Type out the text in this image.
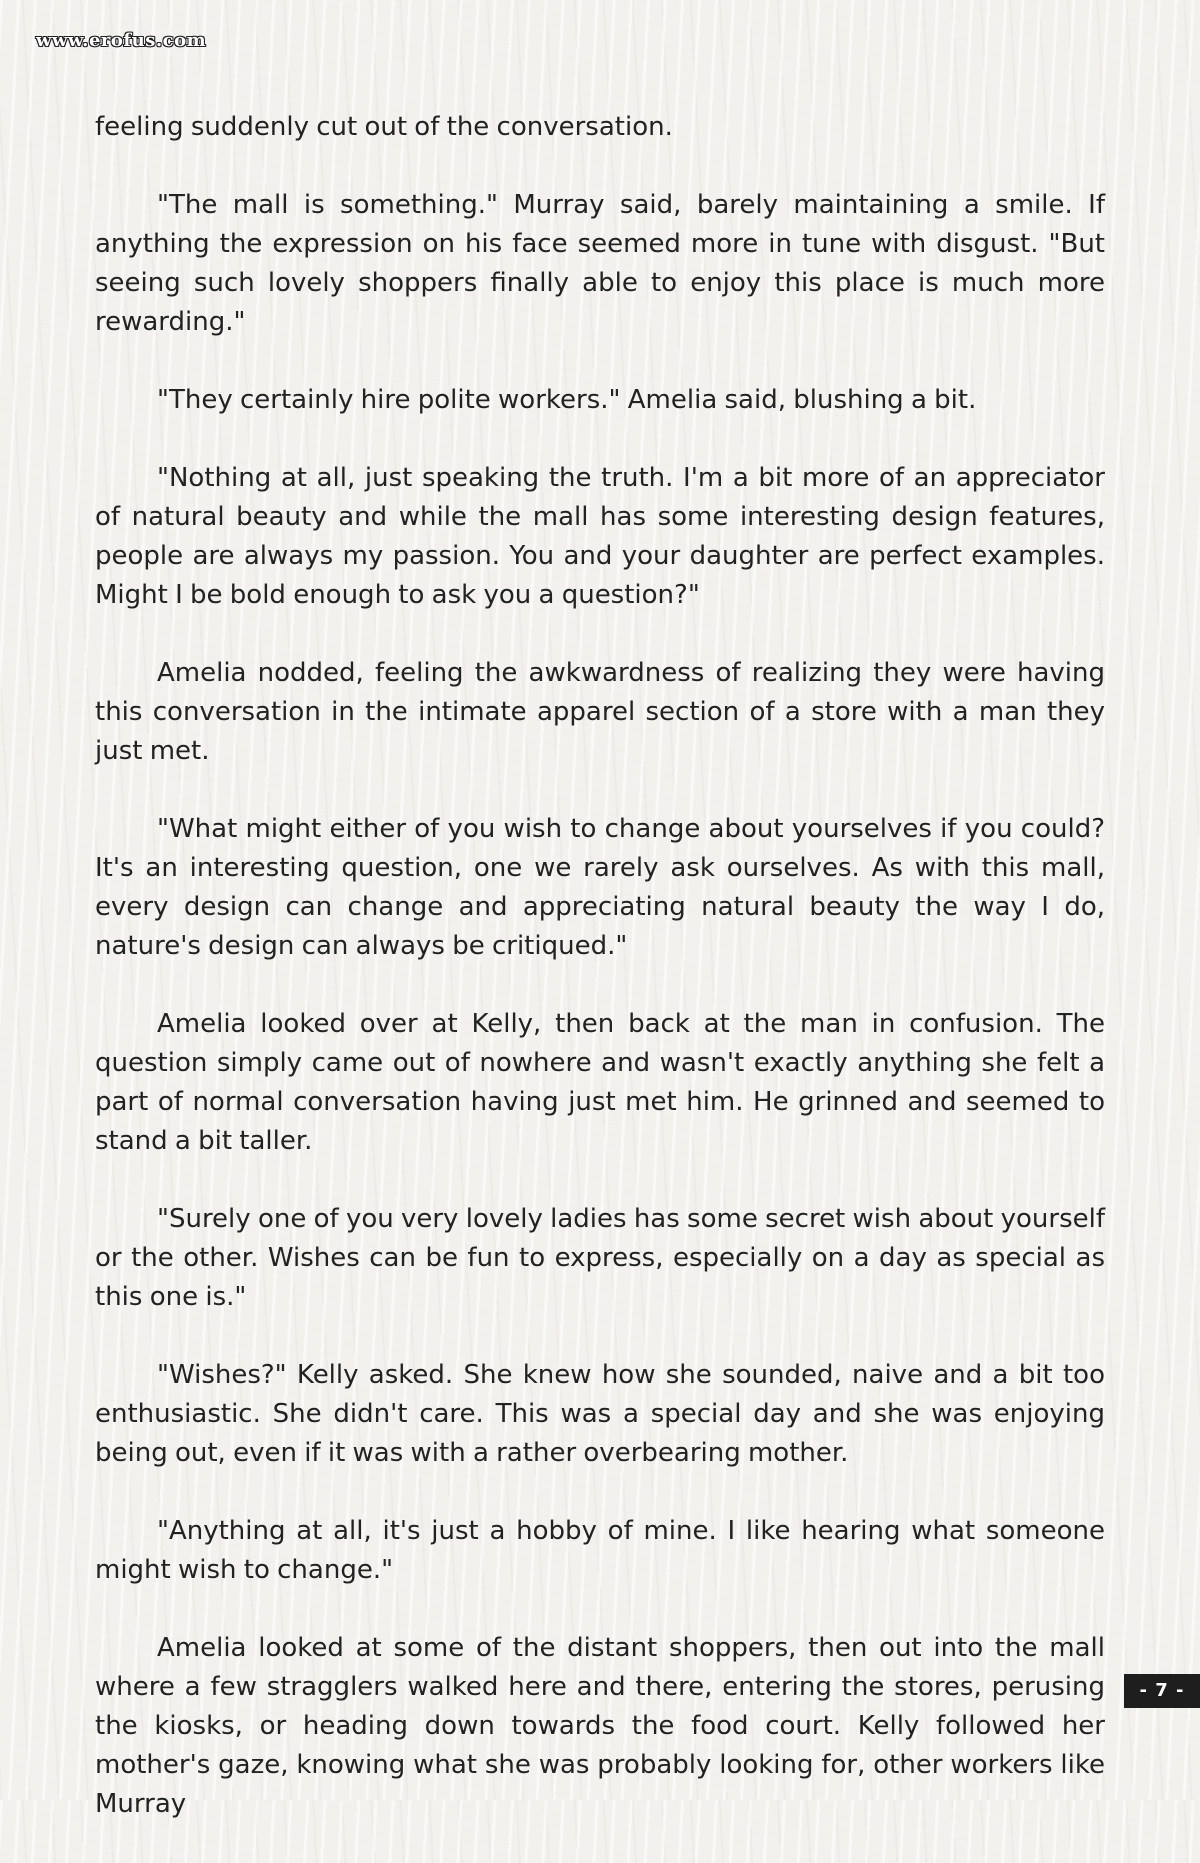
www.erofus.com

feeling suddenly cut out of the conversation.

"The mall is something." Murray said, barely maintaining a smile. If anything the expression on his face seemed more in tune with disgust. "But seeing such lovely shoppers finally able to enjoy this place is much more rewarding."

"They certainly hire polite workers." Amelia said, blushing a bit.

"Nothing at all, just speaking the truth. I'm a bit more of an appreciator of natural beauty and while the mall has some interesting design features, people are always my passion. You and your daughter are perfect examples. Might I be bold enough to ask you a question?"

Amelia nodded, feeling the awkwardness of realizing they were having this conversation in the intimate apparel section of a store with a man they just met.

"What might either of you wish to change about yourselves if you could? It's an interesting question, one we rarely ask ourselves. As with this mall, every design can change and appreciating natural beauty the way I do, nature's design can always be critiqued."

Amelia looked over at Kelly, then back at the man in confusion. The question simply came out of nowhere and wasn't exactly anything she felt a part of normal conversation having just met him. He grinned and seemed to stand a bit taller.

"Surely one of you very lovely ladies has some secret wish about yourself or the other. Wishes can be fun to express, especially on a day as special as this one is."

"Wishes?" Kelly asked. She knew how she sounded, naive and a bit too enthusiastic. She didn't care. This was a special day and she was enjoying being out, even if it was with a rather overbearing mother.

"Anything at all, it's just a hobby of mine. I like hearing what someone might wish to change."

Amelia looked at some of the distant shoppers, then out into the mall where a few stragglers walked here and there, entering the stores, perusing the kiosks, or heading down towards the food court. Kelly followed her mother's gaze, knowing what she was probably looking for, other workers like Murray

- 7 -
